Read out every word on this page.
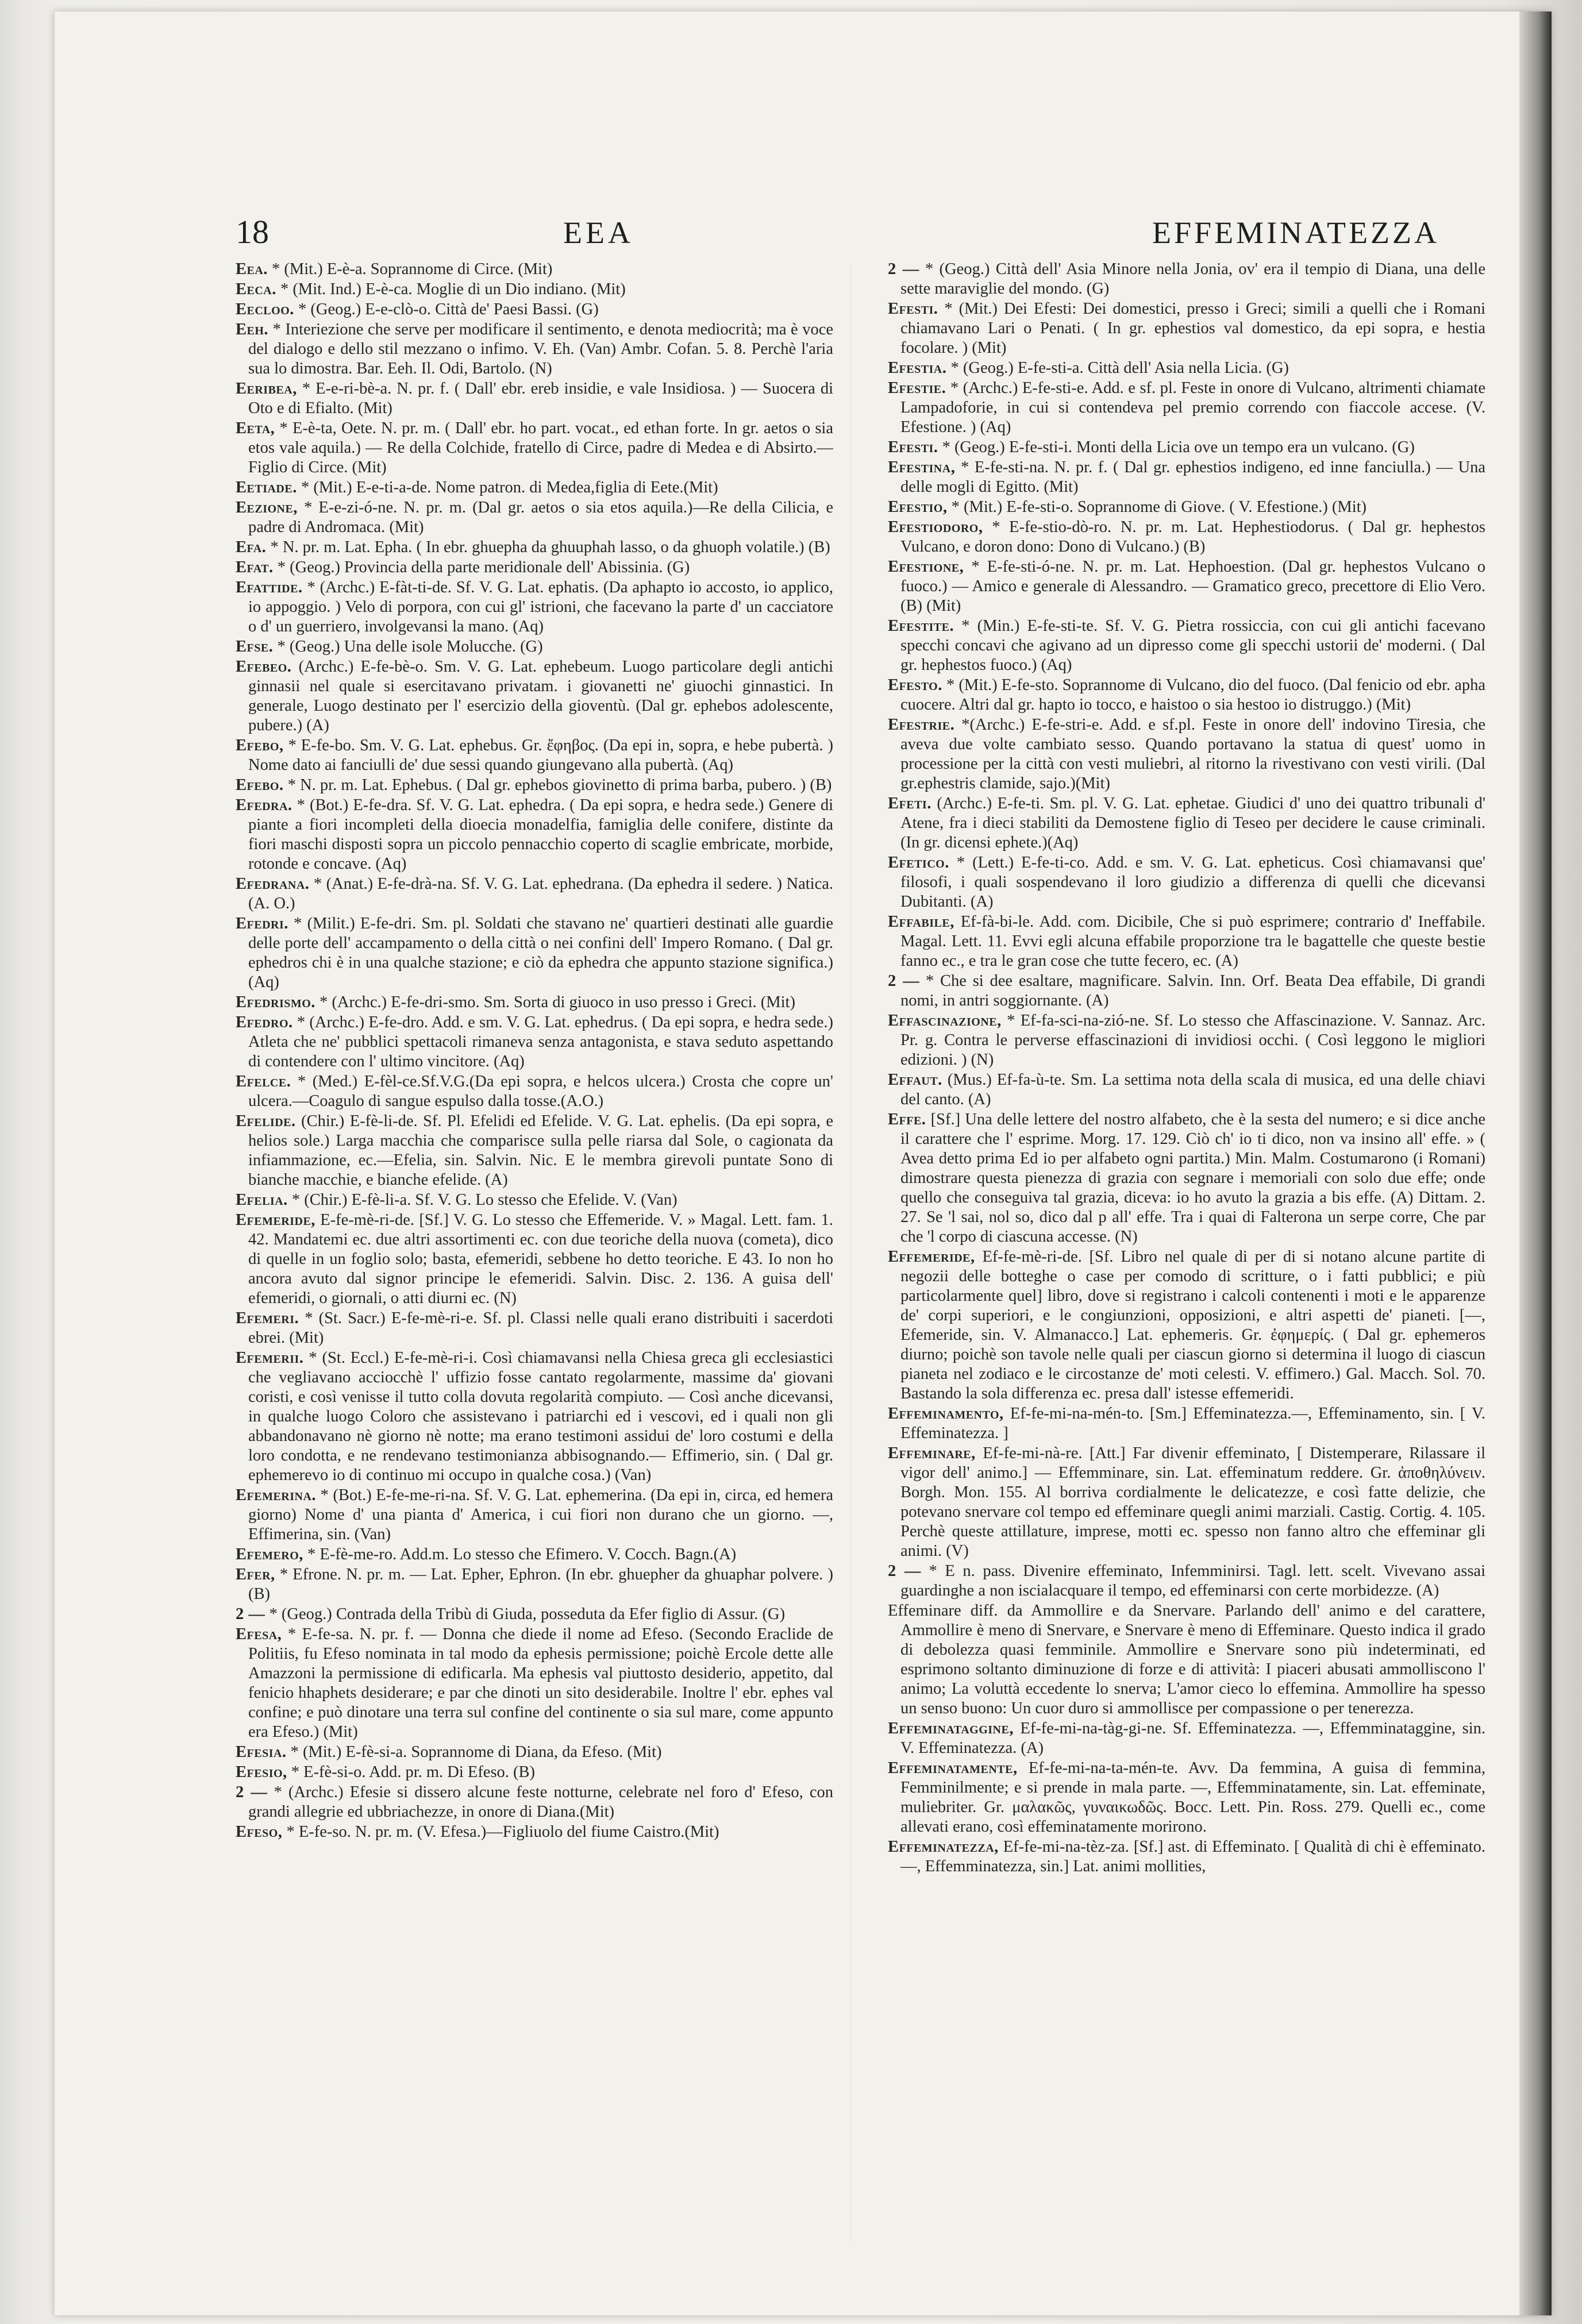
18	EEA	EFFEMINATEZZA

Eea. * (Mit.) E-è-a. Soprannome di Circe. (Mit)

Eeca. * (Mit. Ind.) E-è-ca. Moglie di un Dio indiano. (Mit)

Eecloo. * (Geog.) E-e-clò-o. Città de' Paesi Bassi. (G)

Eeh. * Interiezione che serve per modificare il sentimento, e denota mediocrità; ma è voce del dialogo e dello stil mezzano o infimo. V. Eh. (Van) Ambr. Cofan. 5. 8. Perchè l'aria sua lo dimostra. Bar. Eeh. Il. Odi, Bartolo. (N)

Eeribea, * E-e-ri-bè-a. N. pr. f. ( Dall' ebr. ereb insidie, e vale Insidiosa. ) — Suocera di Oto e di Efialto. (Mit)

Eeta, * E-è-ta, Oete. N. pr. m. ( Dall' ebr. ho part. vocat., ed ethan forte. In gr. aetos o sia etos vale aquila.) — Re della Colchide, fratello di Circe, padre di Medea e di Absirto.—Figlio di Circe. (Mit)

Eetiade. * (Mit.) E-e-ti-a-de. Nome patron. di Medea,figlia di Eete.(Mit)

Eezione, * E-e-zi-ó-ne. N. pr. m. (Dal gr. aetos o sia etos aquila.)—Re della Cilicia, e padre di Andromaca. (Mit)

Efa. * N. pr. m. Lat. Epha. ( In ebr. ghuepha da ghuuphah lasso, o da ghuoph volatile.) (B)

Efat. * (Geog.) Provincia della parte meridionale dell' Abissinia. (G)

Efattide. * (Archc.) E-fàt-ti-de. Sf. V. G. Lat. ephatis. (Da aphapto io accosto, io applico, io appoggio. ) Velo di porpora, con cui gl' istrioni, che facevano la parte d' un cacciatore o d' un guerriero, involgevansi la mano. (Aq)

Efse. * (Geog.) Una delle isole Molucche. (G)

Efebeo. (Archc.) E-fe-bè-o. Sm. V. G. Lat. ephebeum. Luogo particolare degli antichi ginnasii nel quale si esercitavano privatam. i giovanetti ne' giuochi ginnastici. In generale, Luogo destinato per l' esercizio della gioventù. (Dal gr. ephebos adolescente, pubere.) (A)

Efebo, * E-fe-bo. Sm. V. G. Lat. ephebus. Gr. ἔφηβος. (Da epi in, sopra, e hebe pubertà. ) Nome dato ai fanciulli de' due sessi quando giungevano alla pubertà. (Aq)

Efebo. * N. pr. m. Lat. Ephebus. ( Dal gr. ephebos giovinetto di prima barba, pubero. ) (B)

Efedra. * (Bot.) E-fe-dra. Sf. V. G. Lat. ephedra. ( Da epi sopra, e hedra sede.) Genere di piante a fiori incompleti della dioecia monadelfia, famiglia delle conifere, distinte da fiori maschi disposti sopra un piccolo pennacchio coperto di scaglie embricate, morbide, rotonde e concave. (Aq)

Efedrana. * (Anat.) E-fe-drà-na. Sf. V. G. Lat. ephedrana. (Da ephedra il sedere. ) Natica. (A. O.)

Efedri. * (Milit.) E-fe-dri. Sm. pl. Soldati che stavano ne' quartieri destinati alle guardie delle porte dell' accampamento o della città o nei confini dell' Impero Romano. ( Dal gr. ephedros chi è in una qualche stazione; e ciò da ephedra che appunto stazione significa.) (Aq)

Efedrismo. * (Archc.) E-fe-dri-smo. Sm. Sorta di giuoco in uso presso i Greci. (Mit)

Efedro. * (Archc.) E-fe-dro. Add. e sm. V. G. Lat. ephedrus. ( Da epi sopra, e hedra sede.) Atleta che ne' pubblici spettacoli rimaneva senza antagonista, e stava seduto aspettando di contendere con l' ultimo vincitore. (Aq)

Efelce. * (Med.) E-fèl-ce.Sf.V.G.(Da epi sopra, e helcos ulcera.) Crosta che copre un' ulcera.—Coagulo di sangue espulso dalla tosse.(A.O.)

Efelide. (Chir.) E-fè-li-de. Sf. Pl. Efelidi ed Efelide. V. G. Lat. ephelis. (Da epi sopra, e helios sole.) Larga macchia che comparisce sulla pelle riarsa dal Sole, o cagionata da infiammazione, ec.—Efelia, sin. Salvin. Nic. E le membra girevoli puntate Sono di bianche macchie, e bianche efelide. (A)

Efelia. * (Chir.) E-fè-li-a. Sf. V. G. Lo stesso che Efelide. V. (Van)

Efemeride, E-fe-mè-ri-de. [Sf.] V. G. Lo stesso che Effemeride. V. » Magal. Lett. fam. 1. 42. Mandatemi ec. due altri assortimenti ec. con due teoriche della nuova (cometa), dico di quelle in un foglio solo; basta, efemeridi, sebbene ho detto teoriche. E 43. Io non ho ancora avuto dal signor principe le efemeridi. Salvin. Disc. 2. 136. A guisa dell' efemeridi, o giornali, o atti diurni ec. (N)

Efemeri. * (St. Sacr.) E-fe-mè-ri-e. Sf. pl. Classi nelle quali erano distribuiti i sacerdoti ebrei. (Mit)

Efemerii. * (St. Eccl.) E-fe-mè-ri-i. Così chiamavansi nella Chiesa greca gli ecclesiastici che vegliavano acciocchè l' uffizio fosse cantato regolarmente, massime da' giovani coristi, e così venisse il tutto colla dovuta regolarità compiuto. — Così anche dicevansi, in qualche luogo Coloro che assistevano i patriarchi ed i vescovi, ed i quali non gli abbandonavano nè giorno nè notte; ma erano testimoni assidui de' loro costumi e della loro condotta, e ne rendevano testimonianza abbisognando.— Effimerio, sin. ( Dal gr. ephemerevo io di continuo mi occupo in qualche cosa.) (Van)

Efemerina. * (Bot.) E-fe-me-ri-na. Sf. V. G. Lat. ephemerina. (Da epi in, circa, ed hemera giorno) Nome d' una pianta d' America, i cui fiori non durano che un giorno. —, Effimerina, sin. (Van)

Efemero, * E-fè-me-ro. Add.m. Lo stesso che Efimero. V. Cocch. Bagn.(A)

Efer, * Efrone. N. pr. m. — Lat. Epher, Ephron. (In ebr. ghuepher da ghuaphar polvere. ) (B)

2 — * (Geog.) Contrada della Tribù di Giuda, posseduta da Efer figlio di Assur. (G)

Efesa, * E-fe-sa. N. pr. f. — Donna che diede il nome ad Efeso. (Secondo Eraclide de Politiis, fu Efeso nominata in tal modo da ephesis permissione; poichè Ercole dette alle Amazzoni la permissione di edificarla. Ma ephesis val piuttosto desiderio, appetito, dal fenicio hhaphets desiderare; e par che dinoti un sito desiderabile. Inoltre l' ebr. ephes val confine; e può dinotare una terra sul confine del continente o sia sul mare, come appunto era Efeso.) (Mit)

Efesia. * (Mit.) E-fè-si-a. Soprannome di Diana, da Efeso. (Mit)

Efesio, * E-fè-si-o. Add. pr. m. Di Efeso. (B)

2 — * (Archc.) Efesie si dissero alcune feste notturne, celebrate nel foro d' Efeso, con grandi allegrie ed ubbriachezze, in onore di Diana.(Mit)

Efeso, * E-fe-so. N. pr. m. (V. Efesa.)—Figliuolo del fiume Caistro.(Mit)

2 — * (Geog.) Città dell' Asia Minore nella Jonia, ov' era il tempio di Diana, una delle sette maraviglie del mondo. (G)

Efesti. * (Mit.) Dei Efesti: Dei domestici, presso i Greci; simili a quelli che i Romani chiamavano Lari o Penati. ( In gr. ephestios val domestico, da epi sopra, e hestia focolare. ) (Mit)

Efestia. * (Geog.) E-fe-sti-a. Città dell' Asia nella Licia. (G)

Efestie. * (Archc.) E-fe-sti-e. Add. e sf. pl. Feste in onore di Vulcano, altrimenti chiamate Lampadoforie, in cui si contendeva pel premio correndo con fiaccole accese. (V. Efestione. ) (Aq)

Efesti. * (Geog.) E-fe-sti-i. Monti della Licia ove un tempo era un vulcano. (G)

Efestina, * E-fe-sti-na. N. pr. f. ( Dal gr. ephestios indigeno, ed inne fanciulla.) — Una delle mogli di Egitto. (Mit)

Efestio, * (Mit.) E-fe-sti-o. Soprannome di Giove. ( V. Efestione.) (Mit)

Efestiodoro, * E-fe-stio-dò-ro. N. pr. m. Lat. Hephestiodorus. ( Dal gr. hephestos Vulcano, e doron dono: Dono di Vulcano.) (B)

Efestione, * E-fe-sti-ó-ne. N. pr. m. Lat. Hephoestion. (Dal gr. hephestos Vulcano o fuoco.) — Amico e generale di Alessandro. — Gramatico greco, precettore di Elio Vero. (B) (Mit)

Efestite. * (Min.) E-fe-sti-te. Sf. V. G. Pietra rossiccia, con cui gli antichi facevano specchi concavi che agivano ad un dipresso come gli specchi ustorii de' moderni. ( Dal gr. hephestos fuoco.) (Aq)

Efesto. * (Mit.) E-fe-sto. Soprannome di Vulcano, dio del fuoco. (Dal fenicio od ebr. apha cuocere. Altri dal gr. hapto io tocco, e haistoo o sia hestoo io distruggo.) (Mit)

Efestrie. *(Archc.) E-fe-stri-e. Add. e sf.pl. Feste in onore dell' indovino Tiresia, che aveva due volte cambiato sesso. Quando portavano la statua di quest' uomo in processione per la città con vesti muliebri, al ritorno la rivestivano con vesti virili. (Dal gr.ephestris clamide, sajo.)(Mit)

Efeti. (Archc.) E-fe-ti. Sm. pl. V. G. Lat. ephetae. Giudici d' uno dei quattro tribunali d' Atene, fra i dieci stabiliti da Demostene figlio di Teseo per decidere le cause criminali. (In gr. dicensi ephete.)(Aq)

Efetico. * (Lett.) E-fe-ti-co. Add. e sm. V. G. Lat. epheticus. Così chiamavansi que' filosofi, i quali sospendevano il loro giudizio a differenza di quelli che dicevansi Dubitanti. (A)

Effabile, Ef-fà-bi-le. Add. com. Dicibile, Che si può esprimere; contrario d' Ineffabile. Magal. Lett. 11. Evvi egli alcuna effabile proporzione tra le bagattelle che queste bestie fanno ec., e tra le gran cose che tutte fecero, ec. (A)

2 — * Che si dee esaltare, magnificare. Salvin. Inn. Orf. Beata Dea effabile, Di grandi nomi, in antri soggiornante. (A)

Effascinazione, * Ef-fa-sci-na-zió-ne. Sf. Lo stesso che Affascinazione. V. Sannaz. Arc. Pr. g. Contra le perverse effascinazioni di invidiosi occhi. ( Così leggono le migliori edizioni. ) (N)

Effaut. (Mus.) Ef-fa-ù-te. Sm. La settima nota della scala di musica, ed una delle chiavi del canto. (A)

Effe. [Sf.] Una delle lettere del nostro alfabeto, che è la sesta del numero; e si dice anche il carattere che l' esprime. Morg. 17. 129. Ciò ch' io ti dico, non va insino all' effe. » ( Avea detto prima Ed io per alfabeto ogni partita.) Min. Malm. Costumarono (i Romani) dimostrare questa pienezza di grazia con segnare i memoriali con solo due effe; onde quello che conseguiva tal grazia, diceva: io ho avuto la grazia a bis effe. (A) Dittam. 2. 27. Se 'l sai, nol so, dico dal p all' effe. Tra i quai di Falterona un serpe corre, Che par che 'l corpo di ciascuna accesse. (N)

Effemeride, Ef-fe-mè-ri-de. [Sf. Libro nel quale di per di si notano alcune partite di negozii delle botteghe o case per comodo di scritture, o i fatti pubblici; e più particolarmente quel] libro, dove si registrano i calcoli contenenti i moti e le apparenze de' corpi superiori, e le congiunzioni, opposizioni, e altri aspetti de' pianeti. [—, Efemeride, sin. V. Almanacco.] Lat. ephemeris. Gr. ἐφημερίς. ( Dal gr. ephemeros diurno; poichè son tavole nelle quali per ciascun giorno si determina il luogo di ciascun pianeta nel zodiaco e le circostanze de' moti celesti. V. effimero.) Gal. Macch. Sol. 70. Bastando la sola differenza ec. presa dall' istesse effemeridi.

Effeminamento, Ef-fe-mi-na-mén-to. [Sm.] Effeminatezza.—, Effeminamento, sin. [ V. Effeminatezza. ]

Effeminare, Ef-fe-mi-nà-re. [Att.] Far divenir effeminato, [ Distemperare, Rilassare il vigor dell' animo.] — Effemminare, sin. Lat. effeminatum reddere. Gr. ἀποθηλύνειν. Borgh. Mon. 155. Al borriva cordialmente le delicatezze, e così fatte delizie, che potevano snervare col tempo ed effeminare quegli animi marziali. Castig. Cortig. 4. 105. Perchè queste attillature, imprese, motti ec. spesso non fanno altro che effeminar gli animi. (V)

2 — * E n. pass. Divenire effeminato, Infemminirsi. Tagl. lett. scelt. Vivevano assai guardinghe a non iscialacquare il tempo, ed effeminarsi con certe morbidezze. (A)

Effeminare diff. da Ammollire e da Snervare. Parlando dell' animo e del carattere, Ammollire è meno di Snervare, e Snervare è meno di Effeminare. Questo indica il grado di debolezza quasi femminile. Ammollire e Snervare sono più indeterminati, ed esprimono soltanto diminuzione di forze e di attività: I piaceri abusati ammolliscono l' animo; La voluttà eccedente lo snerva; L'amor cieco lo effemina. Ammollire ha spesso un senso buono: Un cuor duro si ammollisce per compassione o per tenerezza.

Effeminataggine, Ef-fe-mi-na-tàg-gi-ne. Sf. Effeminatezza. —, Effemminataggine, sin. V. Effeminatezza. (A)

Effeminatamente, Ef-fe-mi-na-ta-mén-te. Avv. Da femmina, A guisa di femmina, Femminilmente; e si prende in mala parte. —, Effemminatamente, sin. Lat. effeminate, muliebriter. Gr. μαλακῶς, γυναικωδῶς. Bocc. Lett. Pin. Ross. 279. Quelli ec., come allevati erano, così effeminatamente morirono.

Effeminatezza, Ef-fe-mi-na-tèz-za. [Sf.] ast. di Effeminato. [ Qualità di chi è effeminato. —, Effemminatezza, sin.] Lat. animi mollities,
